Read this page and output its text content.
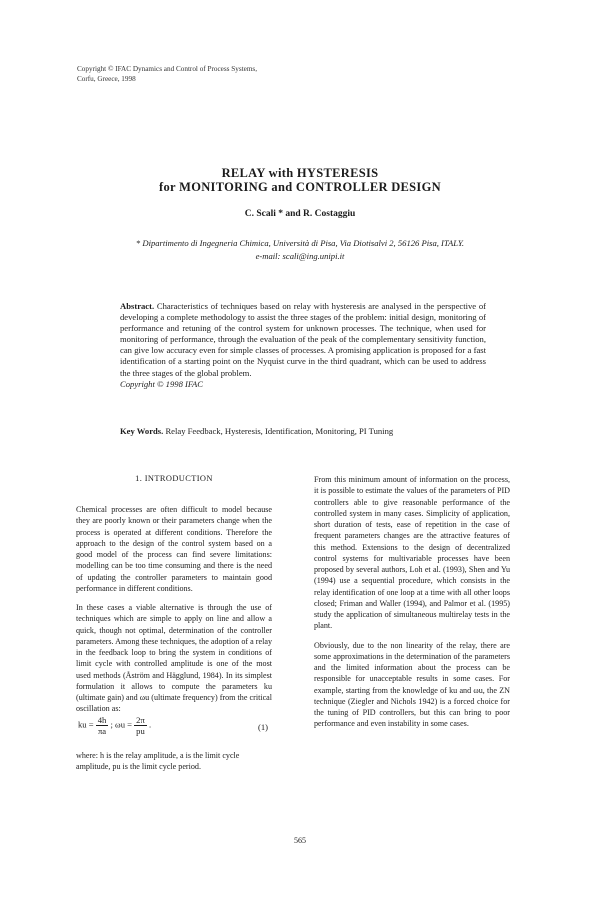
Copyright © IFAC Dynamics and Control of Process Systems,
Corfu, Greece, 1998
RELAY with HYSTERESIS
for MONITORING and CONTROLLER DESIGN
C. Scali * and R. Costaggiu
* Dipartimento di Ingegneria Chimica, Università di Pisa, Via Diotisalvi 2, 56126 Pisa, ITALY.
e-mail: scali@ing.unipi.it
Abstract. Characteristics of techniques based on relay with hysteresis are analysed in the perspective of developing a complete methodology to assist the three stages of the problem: initial design, monitoring of performance and retuning of the control system for unknown processes. The technique, when used for monitoring of performance, through the evaluation of the peak of the complementary sensitivity function, can give low accuracy even for simple classes of processes. A promising application is proposed for a fast identification of a starting point on the Nyquist curve in the third quadrant, which can be used to address the three stages of the global problem.
Copyright © 1998 IFAC
Key Words. Relay Feedback, Hysteresis, Identification, Monitoring, PI Tuning
1. INTRODUCTION

Chemical processes are often difficult to model because they are poorly known or their parameters change when the process is operated at different conditions. Therefore the approach to the design of the control system based on a good model of the process can find severe limitations: modelling can be too time consuming and there is the need of updating the controller parameters to maintain good performance in different conditions.

In these cases a viable alternative is through the use of techniques which are simple to apply on line and allow a quick, though not optimal, determination of the controller parameters. Among these techniques, the adoption of a relay in the feedback loop to bring the system in conditions of limit cycle with controlled amplitude is one of the most used methods (Åström and Hägglund, 1984). In its simplest formulation it allows to compute the parameters ku (ultimate gain) and ωu (ultimate frequency) from the critical oscillation as:

ku = $\frac{4h}{\pi a}$ ; $\omega u = \frac{2\pi}{pu}$ .	(1)
where: h is the relay amplitude, a is the limit cycle amplitude, pu is the limit cycle period.

From this minimum amount of information on the process, it is possible to estimate the values of the parameters of PID controllers able to give reasonable performance of the controlled system in many cases. Simplicity of application, short duration of tests, ease of repetition in the case of frequent parameters changes are the attractive features of this method. Extensions to the design of decentralized control systems for multivariable processes have been proposed by several authors, Loh et al. (1993), Shen and Yu (1994) use a sequential procedure, which consists in the relay identification of one loop at a time with all other loops closed; Friman and Waller (1994), and Palmor et al. (1995) study the application of simultaneous multirelay tests in the plant.

Obviously, due to the non linearity of the relay, there are some approximations in the determination of the parameters and the limited information about the process can be responsible for unacceptable results in some cases. For example, starting from the knowledge of ku and ωu, the ZN technique (Ziegler and Nichols 1942) is a forced choice for the tuning of PID controllers, but this can bring to poor performance and even instability in some cases.

565
